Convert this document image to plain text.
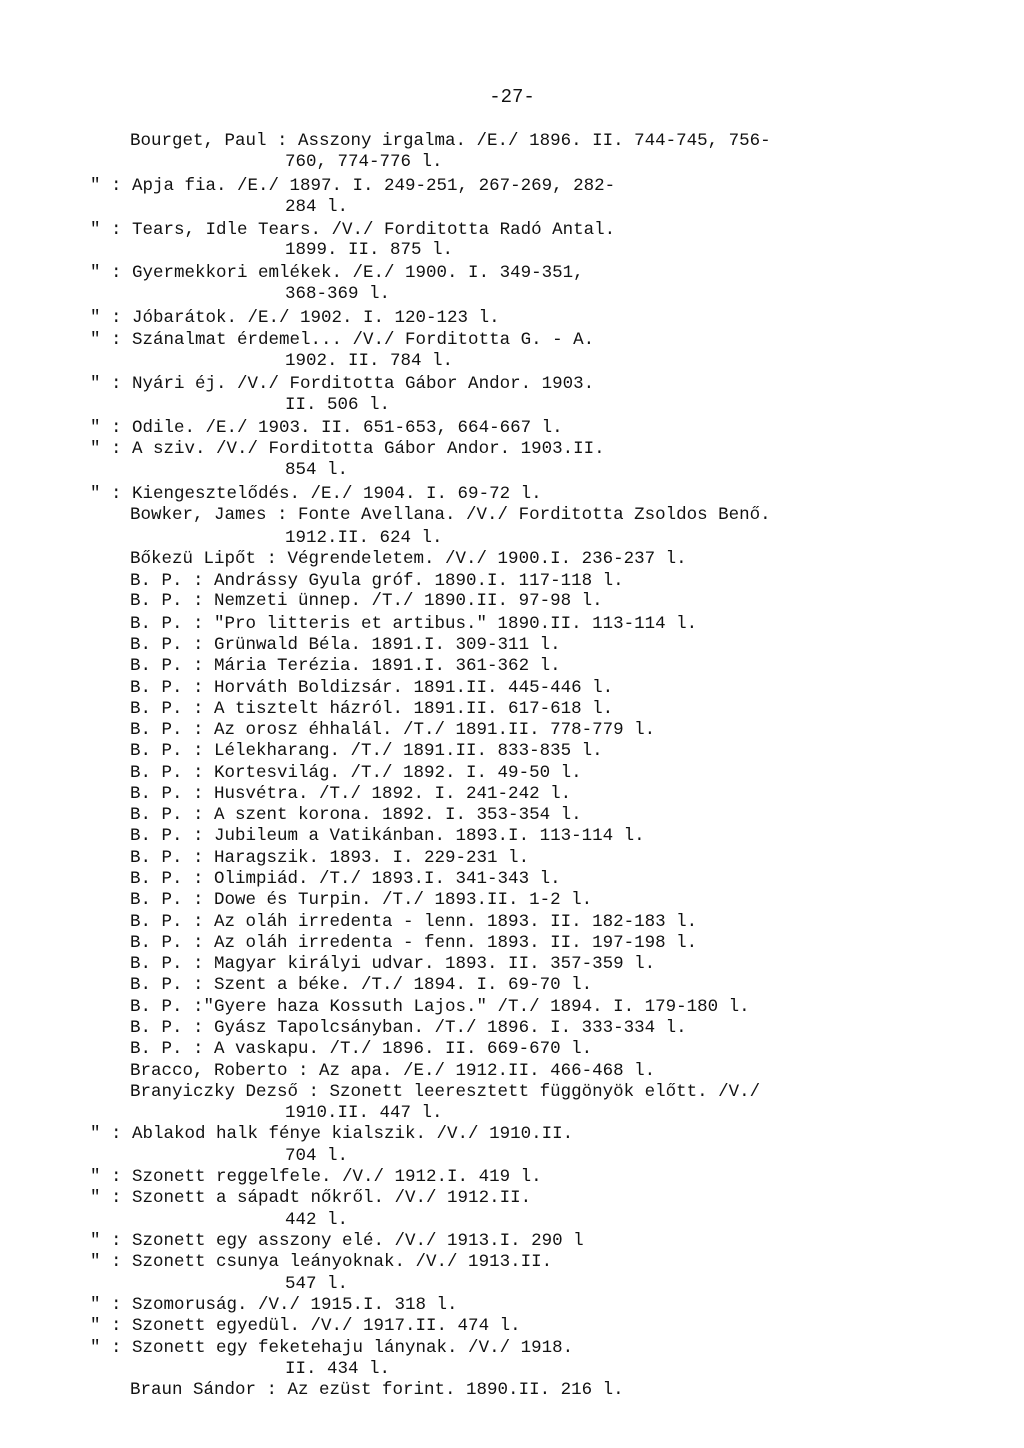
-27-
Bourget, Paul : Asszony irgalma. /E./ 1896. II. 744-745, 756-
760, 774-776 l.
" : Apja fia. /E./ 1897. I. 249-251, 267-269, 282-
284 l.
" : Tears, Idle Tears. /V./ Forditotta Radó Antal.
1899. II. 875 l.
" : Gyermekkori emlékek. /E./ 1900. I. 349-351,
368-369 l.
" : Jóbarátok. /E./ 1902. I. 120-123 l.
" : Szánalmat érdemel... /V./ Forditotta G. - A.
1902. II. 784 l.
" : Nyári éj. /V./ Forditotta Gábor Andor. 1903.
II. 506 l.
" : Odile. /E./ 1903. II. 651-653, 664-667 l.
" : A sziv. /V./ Forditotta Gábor Andor. 1903.II.
854 l.
" : Kiengesztelődés. /E./ 1904. I. 69-72 l.
Bowker, James : Fonte Avellana. /V./ Forditotta Zsoldos Benő.
1912.II. 624 l.
Bőkezü Lipőt : Végrendeletem. /V./ 1900.I. 236-237 l.
B. P. : Andrássy Gyula gróf. 1890.I. 117-118 l.
B. P. : Nemzeti ünnep. /T./ 1890.II. 97-98 l.
B. P. : "Pro litteris et artibus." 1890.II. 113-114 l.
B. P. : Grünwald Béla. 1891.I. 309-311 l.
B. P. : Mária Terézia. 1891.I. 361-362 l.
B. P. : Horváth Boldizsár. 1891.II. 445-446 l.
B. P. : A tisztelt házról. 1891.II. 617-618 l.
B. P. : Az orosz éhhalál. /T./ 1891.II. 778-779 l.
B. P. : Lélekharang. /T./ 1891.II. 833-835 l.
B. P. : Kortesvilág. /T./ 1892. I. 49-50 l.
B. P. : Husvétra. /T./ 1892. I. 241-242 l.
B. P. : A szent korona. 1892. I. 353-354 l.
B. P. : Jubileum a Vatikánban. 1893.I. 113-114 l.
B. P. : Haragszik. 1893. I. 229-231 l.
B. P. : Olimpiád. /T./ 1893.I. 341-343 l.
B. P. : Dowe és Turpin. /T./ 1893.II. 1-2 l.
B. P. : Az oláh irredenta - lenn. 1893. II. 182-183 l.
B. P. : Az oláh irredenta - fenn. 1893. II. 197-198 l.
B. P. : Magyar királyi udvar. 1893. II. 357-359 l.
B. P. : Szent a béke. /T./ 1894. I. 69-70 l.
B. P. :"Gyere haza Kossuth Lajos." /T./ 1894. I. 179-180 l.
B. P. : Gyász Tapolcsányban. /T./ 1896. I. 333-334 l.
B. P. : A vaskapu. /T./ 1896. II. 669-670 l.
Bracco, Roberto : Az apa. /E./ 1912.II. 466-468 l.
Branyiczky Dezső : Szonett leeresztett függönyök előtt. /V./
1910.II. 447 l.
" : Ablakod halk fénye kialszik. /V./ 1910.II.
704 l.
" : Szonett reggelfele. /V./ 1912.I. 419 l.
" : Szonett a sápadt nőkről. /V./ 1912.II.
442 l.
" : Szonett egy asszony elé. /V./ 1913.I. 290 l
" : Szonett csunya leányoknak. /V./ 1913.II.
547 l.
" : Szomoruság. /V./ 1915.I. 318 l.
" : Szonett egyedül. /V./ 1917.II. 474 l.
" : Szonett egy feketehaju lánynak. /V./ 1918.
II. 434 l.
Braun Sándor : Az ezüst forint. 1890.II. 216 l.
